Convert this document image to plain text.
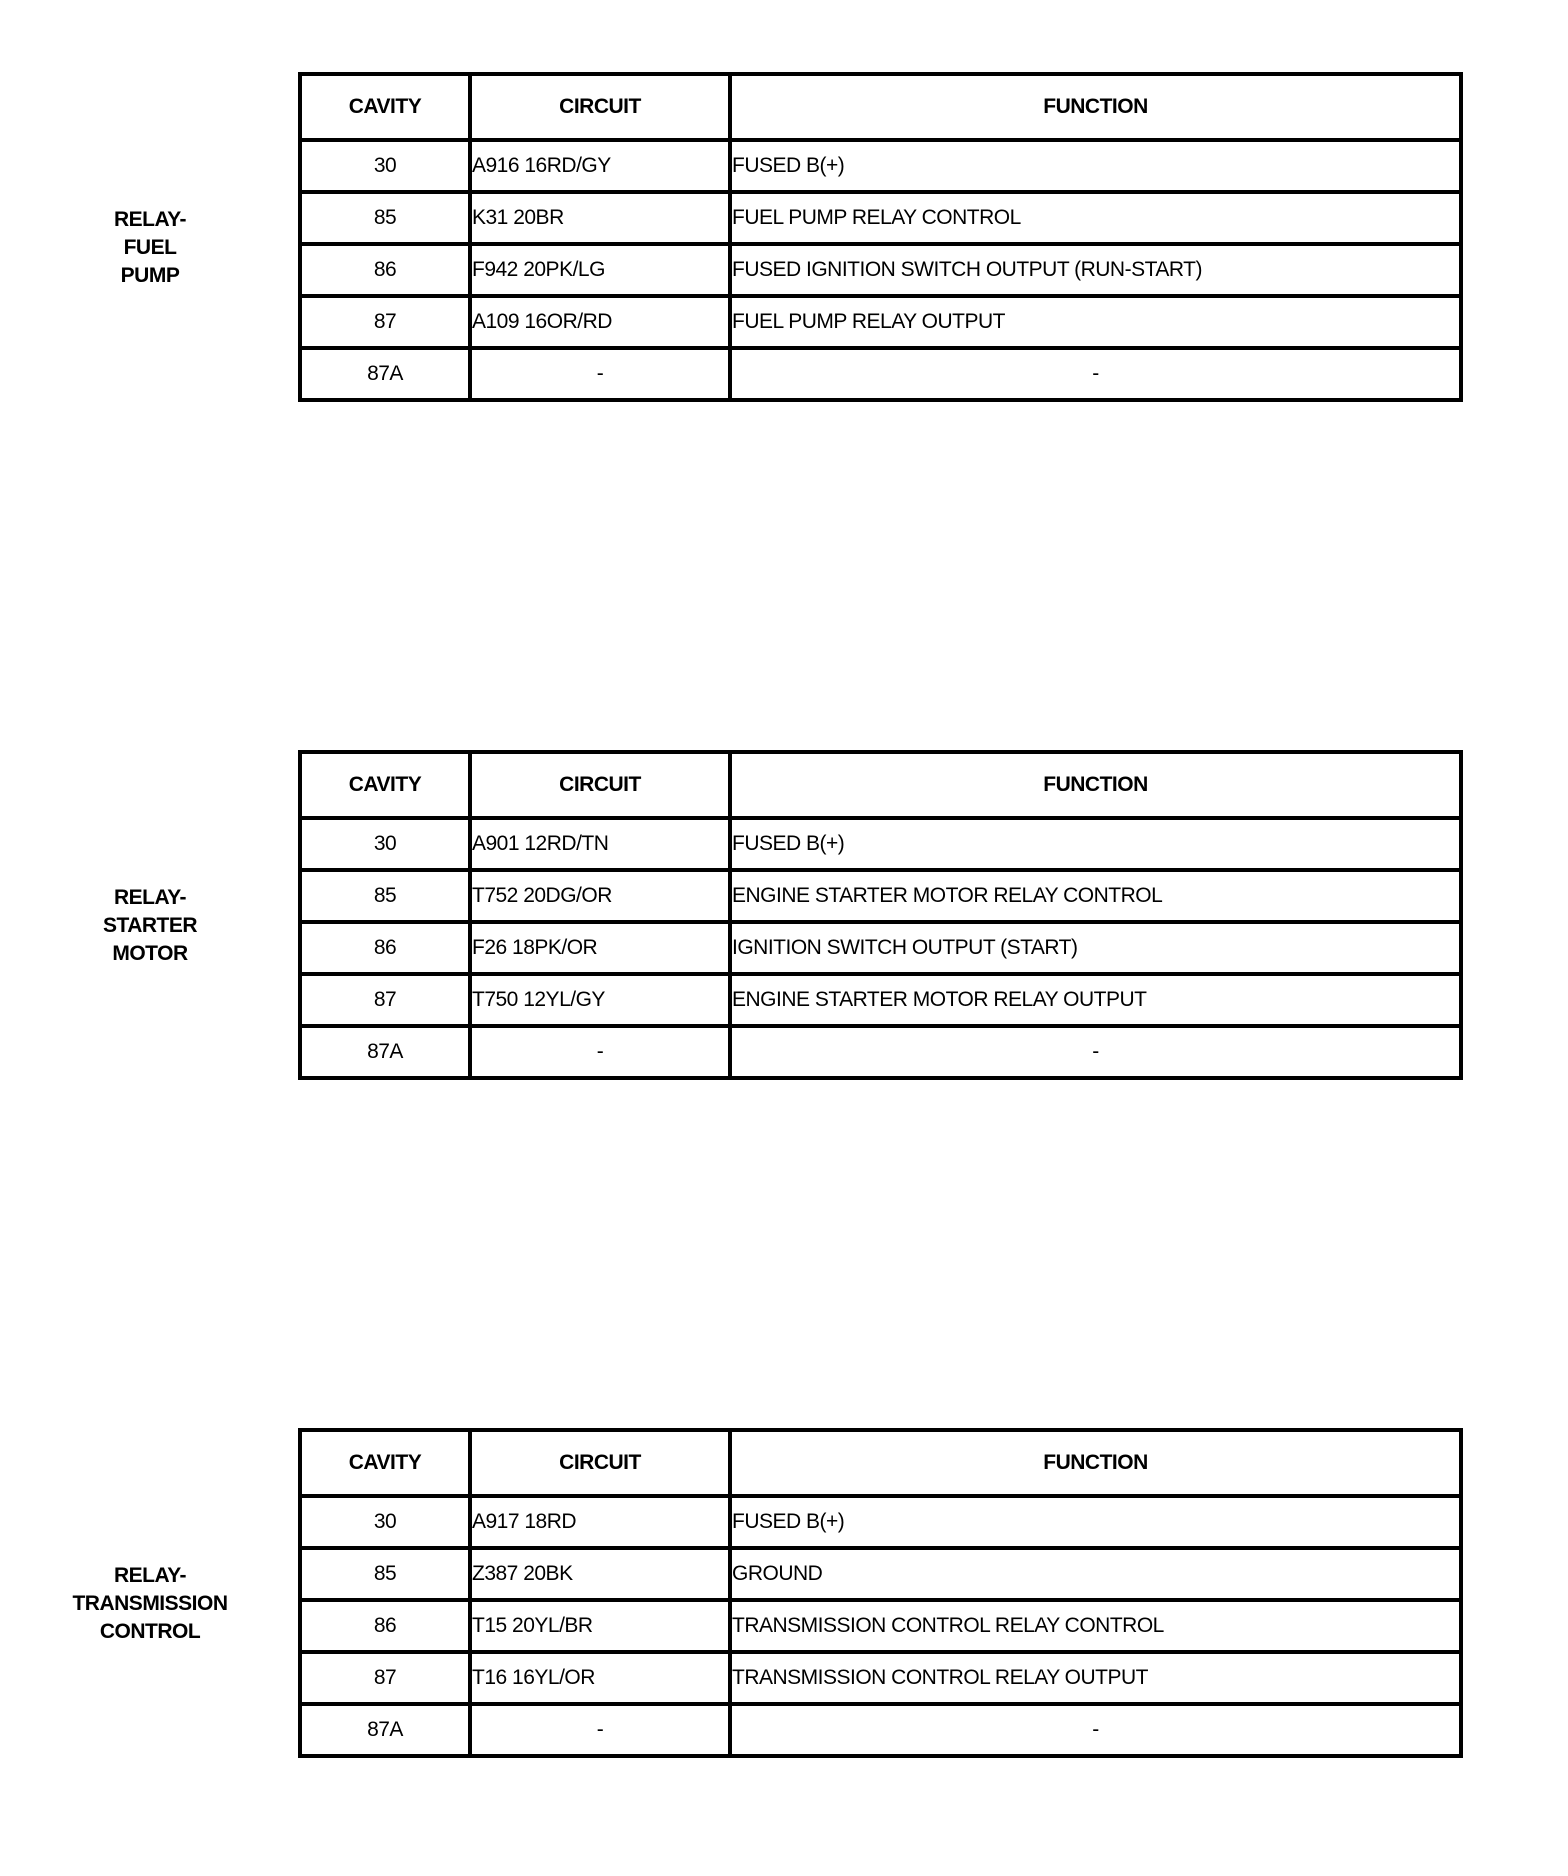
RELAY-
FUEL
PUMP
CAVITY	CIRCUIT	FUNCTION
30	A916 16RD/GY	FUSED B(+)
85	K31 20BR	FUEL PUMP RELAY CONTROL
86	F942 20PK/LG	FUSED IGNITION SWITCH OUTPUT (RUN-START)
87	A109 16OR/RD	FUEL PUMP RELAY OUTPUT
87A	-	-
RELAY-
STARTER
MOTOR
CAVITY	CIRCUIT	FUNCTION
30	A901 12RD/TN	FUSED B(+)
85	T752 20DG/OR	ENGINE STARTER MOTOR RELAY CONTROL
86	F26 18PK/OR	IGNITION SWITCH OUTPUT (START)
87	T750 12YL/GY	ENGINE STARTER MOTOR RELAY OUTPUT
87A	-	-
RELAY-
TRANSMISSION
CONTROL
CAVITY	CIRCUIT	FUNCTION
30	A917 18RD	FUSED B(+)
85	Z387 20BK	GROUND
86	T15 20YL/BR	TRANSMISSION CONTROL RELAY CONTROL
87	T16 16YL/OR	TRANSMISSION CONTROL RELAY OUTPUT
87A	-	-
